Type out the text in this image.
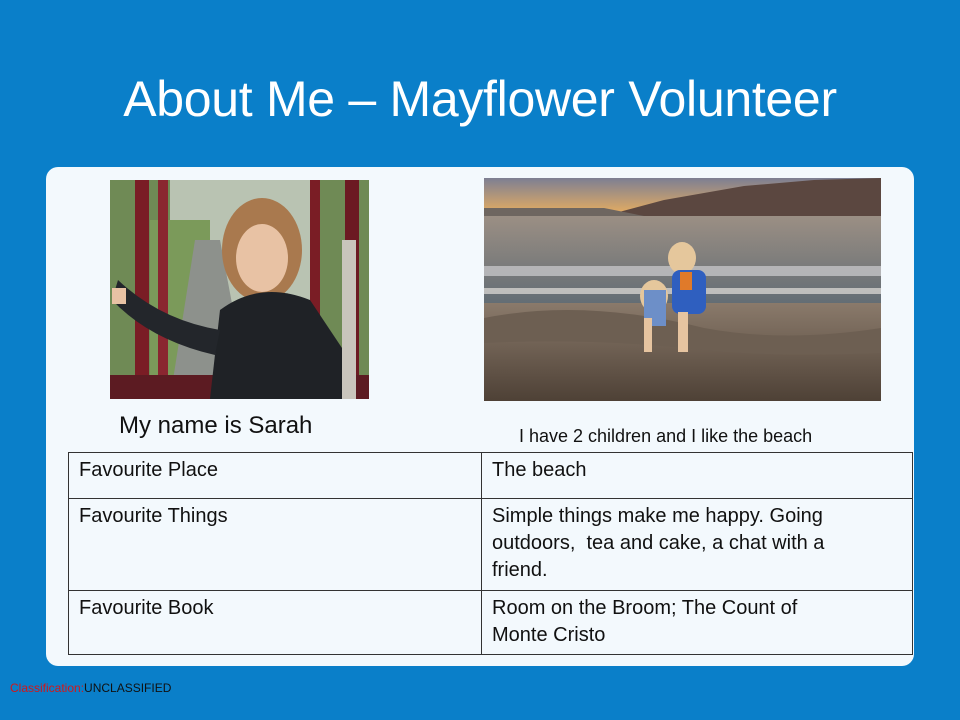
About Me – Mayflower Volunteer
My name is Sarah	I have 2 children and I like the beach
Favourite Place	The beach

Favourite Things	Simple things make me happy. Going
outdoors,  tea and cake, a chat with a
friend.

Favourite Book	Room on the Broom; The Count of
Monte Cristo
Classification:UNCLASSIFIED
